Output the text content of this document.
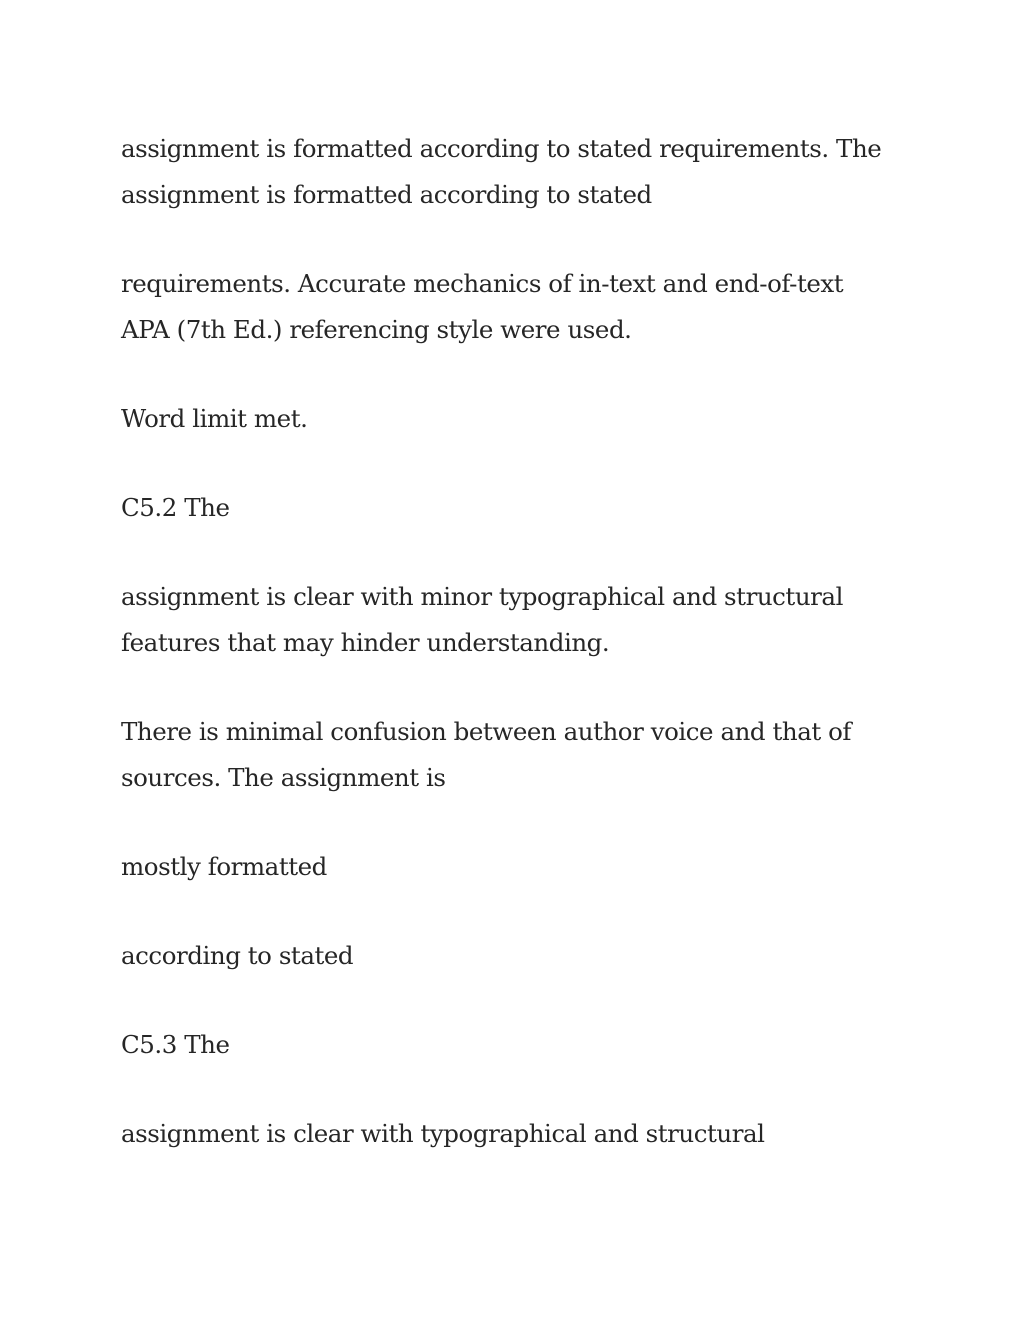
assignment is formatted according to stated requirements. The
assignment is formatted according to stated

requirements. Accurate mechanics of in-text and end-of-text
APA (7th Ed.) referencing style were used.

Word limit met.

C5.2 The

assignment is clear with minor typographical and structural
features that may hinder understanding.

There is minimal confusion between author voice and that of
sources. The assignment is

mostly formatted

according to stated

C5.3 The

assignment is clear with typographical and structural
